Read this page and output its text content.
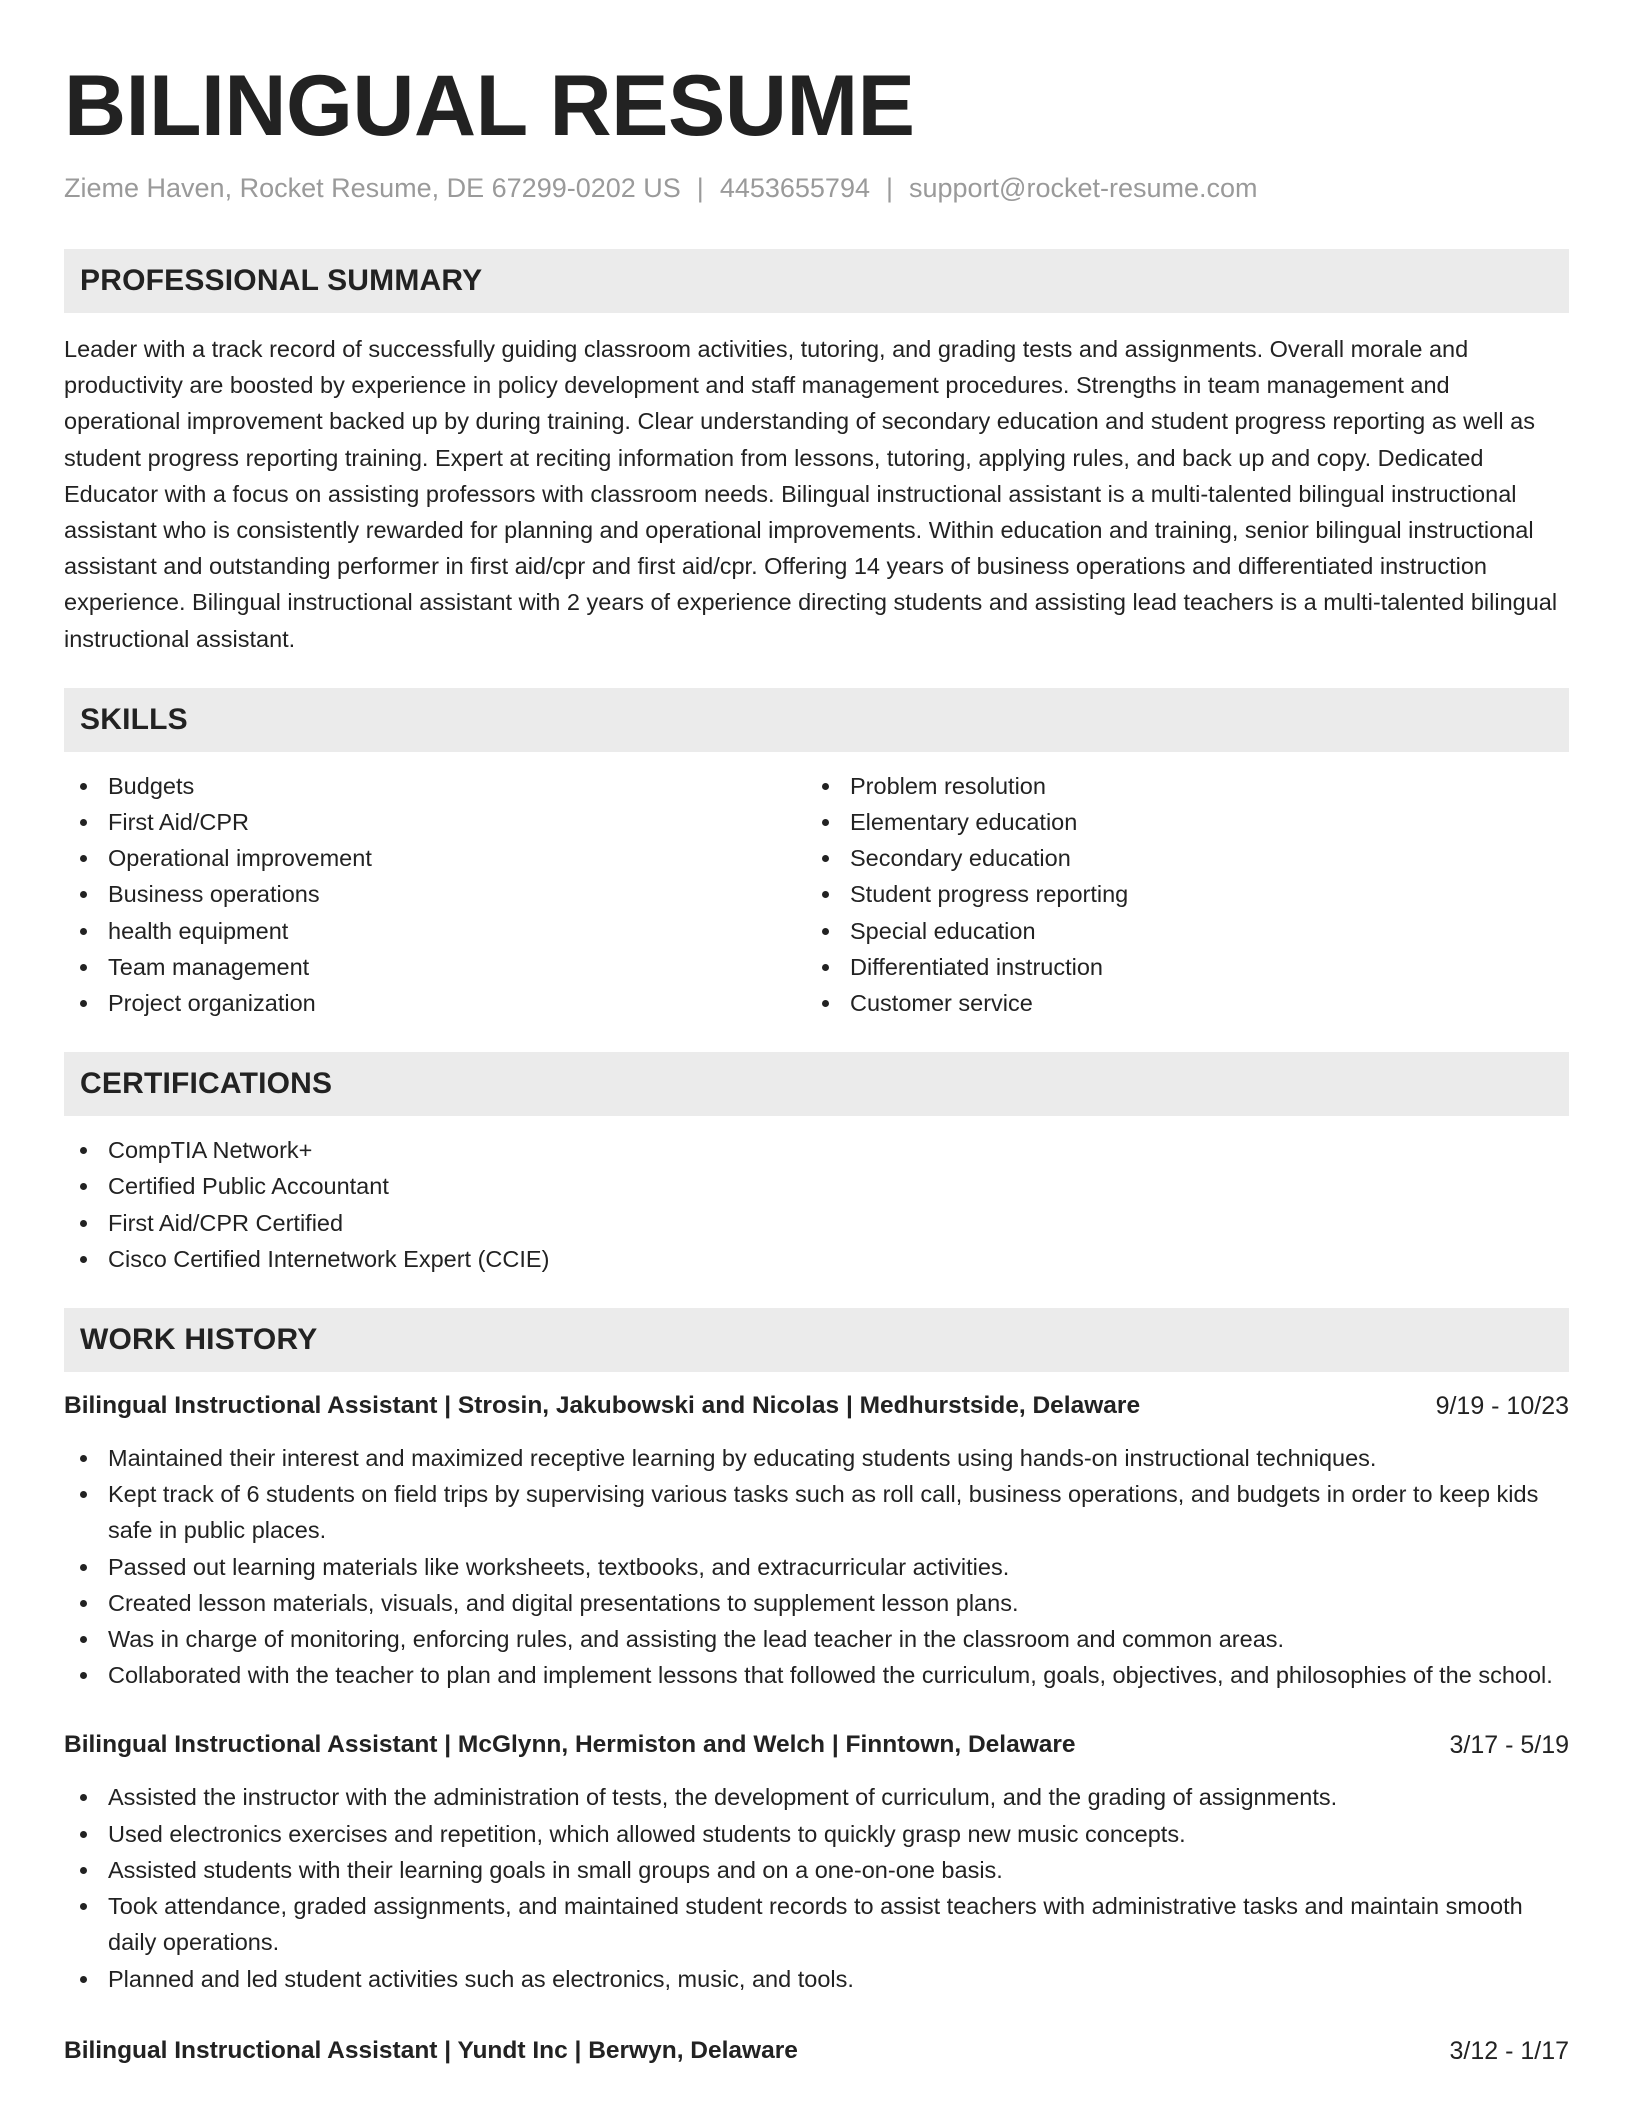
BILINGUAL RESUME
Zieme Haven, Rocket Resume, DE 67299-0202 US | 4453655794 | support@rocket-resume.com
PROFESSIONAL SUMMARY

Leader with a track record of successfully guiding classroom activities, tutoring, and grading tests and assignments. Overall morale and productivity are boosted by experience in policy development and staff management procedures. Strengths in team management and operational improvement backed up by during training. Clear understanding of secondary education and student progress reporting as well as student progress reporting training. Expert at reciting information from lessons, tutoring, applying rules, and back up and copy. Dedicated Educator with a focus on assisting professors with classroom needs. Bilingual instructional assistant is a multi-talented bilingual instructional assistant who is consistently rewarded for planning and operational improvements. Within education and training, senior bilingual instructional assistant and outstanding performer in first aid/cpr and first aid/cpr. Offering 14 years of business operations and differentiated instruction experience. Bilingual instructional assistant with 2 years of experience directing students and assisting lead teachers is a multi-talented bilingual instructional assistant.

SKILLS
Budgets
First Aid/CPR
Operational improvement
Business operations
health equipment
Team management
Project organization
Problem resolution
Elementary education
Secondary education
Student progress reporting
Special education
Differentiated instruction
Customer service
CERTIFICATIONS
CompTIA Network+
Certified Public Accountant
First Aid/CPR Certified
Cisco Certified Internetwork Expert (CCIE)
WORK HISTORY
Bilingual Instructional Assistant | Strosin, Jakubowski and Nicolas | Medhurstside, Delaware	9/19 - 10/23
Maintained their interest and maximized receptive learning by educating students using hands-on instructional techniques.
Kept track of 6 students on field trips by supervising various tasks such as roll call, business operations, and budgets in order to keep kids safe in public places.
Passed out learning materials like worksheets, textbooks, and extracurricular activities.
Created lesson materials, visuals, and digital presentations to supplement lesson plans.
Was in charge of monitoring, enforcing rules, and assisting the lead teacher in the classroom and common areas.
Collaborated with the teacher to plan and implement lessons that followed the curriculum, goals, objectives, and philosophies of the school.
Bilingual Instructional Assistant | McGlynn, Hermiston and Welch | Finntown, Delaware	3/17 - 5/19
Assisted the instructor with the administration of tests, the development of curriculum, and the grading of assignments.
Used electronics exercises and repetition, which allowed students to quickly grasp new music concepts.
Assisted students with their learning goals in small groups and on a one-on-one basis.
Took attendance, graded assignments, and maintained student records to assist teachers with administrative tasks and maintain smooth daily operations.
Planned and led student activities such as electronics, music, and tools.
Bilingual Instructional Assistant | Yundt Inc | Berwyn, Delaware	3/12 - 1/17
